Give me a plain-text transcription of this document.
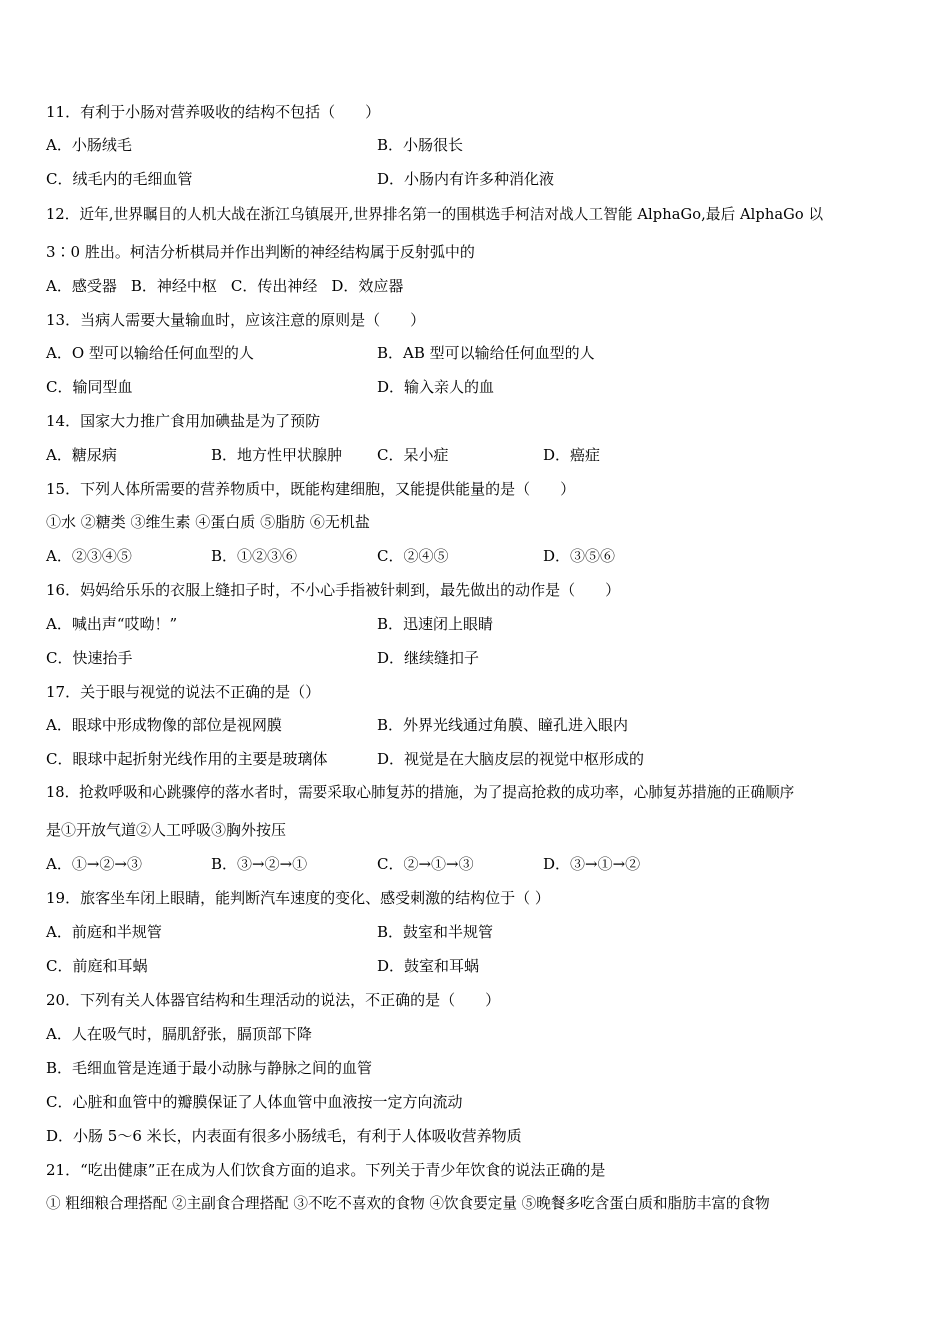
11．有利于小肠对营养吸收的结构不包括（　　）
A．小肠绒毛	B．小肠很长
C．绒毛内的毛细血管	D．小肠内有许多种消化液
12．近年,世界瞩目的人机大战在浙江乌镇展开,世界排名第一的围棋选手柯洁对战人工智能 AlphaGo,最后 AlphaGo 以
3∶0 胜出。柯洁分析棋局并作出判断的神经结构属于反射弧中的
A．感受器 B．神经中枢 C．传出神经 D．效应器
13．当病人需要大量输血时，应该注意的原则是（　　）
A．O 型可以输给任何血型的人	B．AB 型可以输给任何血型的人
C．输同型血	D．输入亲人的血
14．国家大力推广食用加碘盐是为了预防
A．糖尿病	B．地方性甲状腺肿 C．呆小症	D．癌症
15．下列人体所需要的营养物质中，既能构建细胞，又能提供能量的是（　　）
①水 ②糖类 ③维生素 ④蛋白质 ⑤脂肪 ⑥无机盐
A．②③④⑤	B．①②③⑥	C．②④⑤	D．③⑤⑥
16．妈妈给乐乐的衣服上缝扣子时，不小心手指被针刺到，最先做出的动作是（　　）
A．喊出声“哎呦！”	B．迅速闭上眼睛
C．快速抬手	D．继续缝扣子
17．关于眼与视觉的说法不正确的是（）
A．眼球中形成物像的部位是视网膜	B．外界光线通过角膜、瞳孔进入眼内
C．眼球中起折射光线作用的主要是玻璃体	D．视觉是在大脑皮层的视觉中枢形成的
18．抢救呼吸和心跳骤停的落水者时，需要采取心肺复苏的措施，为了提高抢救的成功率，心肺复苏措施的正确顺序
是①开放气道②人工呼吸③胸外按压
A．①→②→③	B．③→②→①	C．②→①→③	D．③→①→②
19．旅客坐车闭上眼睛，能判断汽车速度的变化、感受刺激的结构位于（ ）
A．前庭和半规管	B．鼓室和半规管
C．前庭和耳蜗	D．鼓室和耳蜗
20．下列有关人体器官结构和生理活动的说法，不正确的是（　　）
A．人在吸气时，膈肌舒张，膈顶部下降
B．毛细血管是连通于最小动脉与静脉之间的血管
C．心脏和血管中的瓣膜保证了人体血管中血液按一定方向流动
D．小肠 5～6 米长，内表面有很多小肠绒毛，有利于人体吸收营养物质
21．“吃出健康”正在成为人们饮食方面的追求。下列关于青少年饮食的说法正确的是
① 粗细粮合理搭配 ②主副食合理搭配 ③不吃不喜欢的食物 ④饮食要定量 ⑤晚餐多吃含蛋白质和脂肪丰富的食物
